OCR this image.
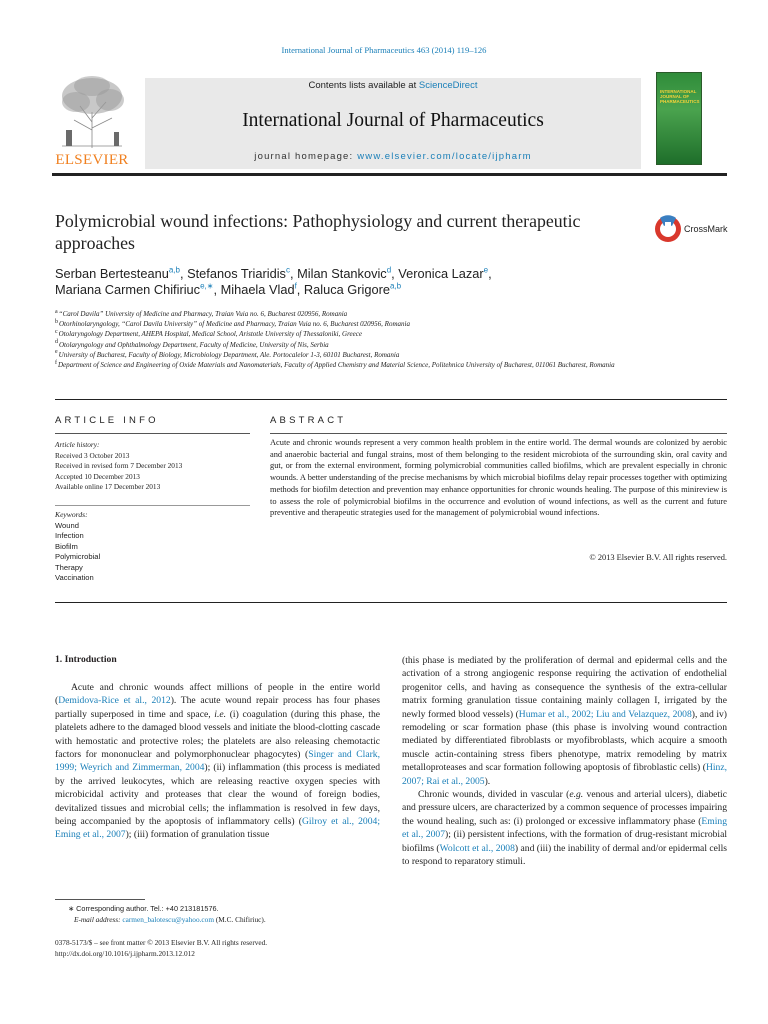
International Journal of Pharmaceutics 463 (2014) 119–126
ELSEVIER
Contents lists available at ScienceDirect
International Journal of Pharmaceutics
journal homepage: www.elsevier.com/locate/ijpharm
INTERNATIONAL JOURNAL OF PHARMACEUTICS
Polymicrobial wound infections: Pathophysiology and current therapeutic approaches
CrossMark
Serban Bertesteanu$^{a,b}$, Stefanos Triaridis$^c$, Milan Stankovic$^d$, Veronica Lazar$^e$,
Mariana Carmen Chifiriuc$^{e,∗}$, Mihaela Vlad$^f$, Raluca Grigore$^{a,b}$
a“Carol Davila” University of Medicine and Pharmacy, Traian Vuia no. 6, Bucharest 020956, Romania
bOtorhinolaryngology, “Carol Davila University” of Medicine and Pharmacy, Traian Vuia no. 6, Bucharest 020956, Romania
cOtolaryngology Department, AHEPA Hospital, Medical School, Aristotle University of Thessaloniki, Greece
dOtolaryngology and Ophthalmology Department, Faculty of Medicine, University of Nis, Serbia
eUniversity of Bucharest, Faculty of Biology, Microbiology Department, Ale. Portocalelor 1-3, 60101 Bucharest, Romania
fDepartment of Science and Engineering of Oxide Materials and Nanomaterials, Faculty of Applied Chemistry and Material Science, Politehnica University of Bucharest, 011061 Bucharest, Romania
ARTICLE INFO
Article history:
Received 3 October 2013
Received in revised form 7 December 2013
Accepted 10 December 2013
Available online 17 December 2013
Keywords:
Wound
Infection
Biofilm
Polymicrobial
Therapy
Vaccination
ABSTRACT
Acute and chronic wounds represent a very common health problem in the entire world. The dermal wounds are colonized by aerobic and anaerobic bacterial and fungal strains, most of them belonging to the resident microbiota of the surrounding skin, oral cavity and gut, or from the external environment, forming polymicrobial communities called biofilms, which are prevalent especially in chronic wounds. A better understanding of the precise mechanisms by which microbial biofilms delay repair processes together with optimizing methods for biofilm detection and prevention may enhance opportunities for chronic wounds healing. The purpose of this minireview is to assess the role of polymicrobial biofilms in the occurrence and evolution of wound infections, as well as the current and future preventive and therapeutic strategies used for the management of polymicrobial wound infections.
© 2013 Elsevier B.V. All rights reserved.
1. Introduction

Acute and chronic wounds affect millions of people in the entire world (Demidova-Rice et al., 2012). The acute wound repair process has four phases partially superposed in time and space, i.e. (i) coagulation (during this phase, the platelets adhere to the damaged blood vessels and initiate the blood-clotting cascade with hemostatic and protective roles; the platelets are also releasing chemotactic factors for mononuclear and polymorphonuclear phagocytes) (Singer and Clark, 1999; Weyrich and Zimmerman, 2004); (ii) inflammation (this process is mediated by the arrived leukocytes, which are releasing reactive oxygen species with microbicidal activity and proteases that clear the wound of foreign bodies, devitalized tissues and microbial cells; the inflammation is resolved in few days, being accompanied by the apoptosis of inflammatory cells) (Gilroy et al., 2004; Eming et al., 2007); (iii) formation of granulation tissue

(this phase is mediated by the proliferation of dermal and epidermal cells and the activation of a strong angiogenic response requiring the activation of endothelial progenitor cells, and having as consequence the synthesis of the extra-cellular matrix forming granulation tissue containing mainly collagen I, irrigated by the newly formed blood vessels) (Humar et al., 2002; Liu and Velazquez, 2008), and iv) remodeling or scar formation phase (this phase is involving wound contraction mediated by differentiated fibroblasts or myofibroblasts, which acquire a smooth muscle actin-containing stress fibers phenotype, matrix remodeling by matrix metalloproteases and scar formation following apoptosis of fibroblastic cells) (Hinz, 2007; Rai et al., 2005).

Chronic wounds, divided in vascular (e.g. venous and arterial ulcers), diabetic and pressure ulcers, are characterized by a common sequence of processes impairing the wound healing, such as: (i) prolonged or excessive inflammatory phase (Eming et al., 2007); (ii) persistent infections, with the formation of drug-resistant microbial biofilms (Wolcott et al., 2008) and (iii) the inability of dermal and/or epidermal cells to respond to reparatory stimuli.

∗ Corresponding author. Tel.: +40 213181576.
E-mail address: carmen_balotescu@yahoo.com (M.C. Chifiriuc).
0378-5173/$ – see front matter © 2013 Elsevier B.V. All rights reserved.
http://dx.doi.org/10.1016/j.ijpharm.2013.12.012
